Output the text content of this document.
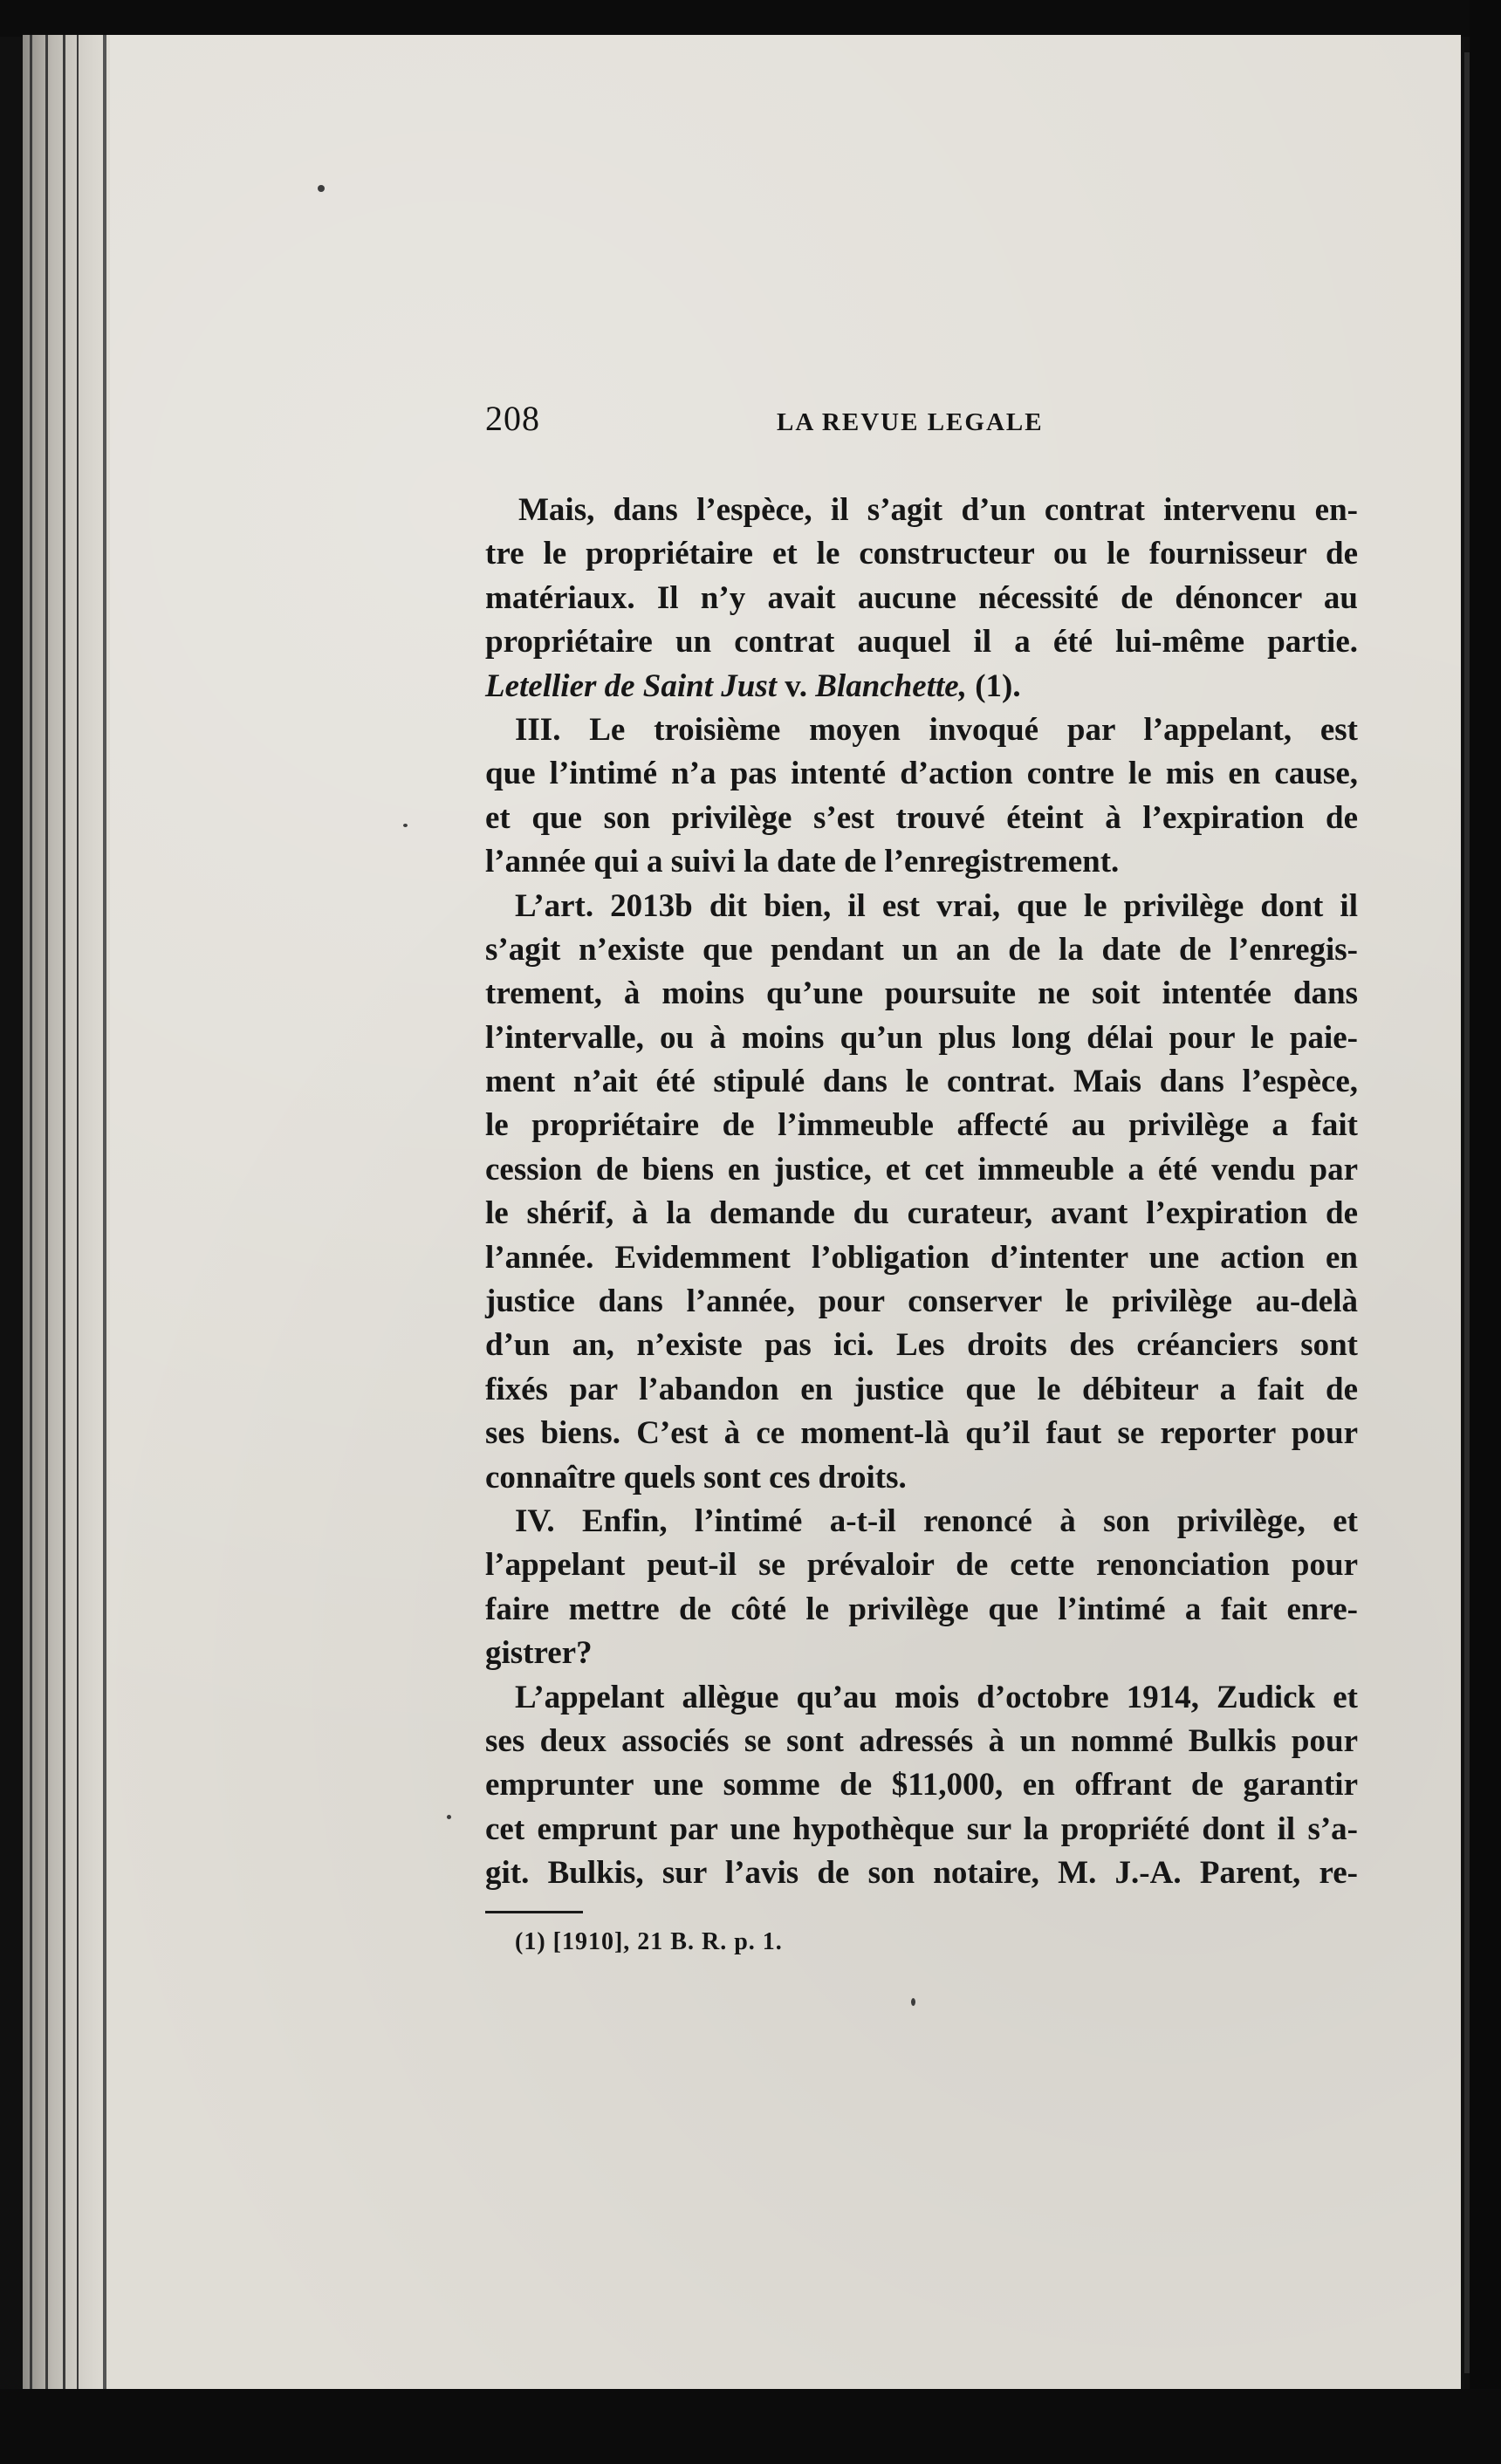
208	LA REVUE LEGALE
Mais, dans l’espèce, il s’agit d’un contrat intervenu en-
tre le propriétaire et le constructeur ou le fournisseur de
matériaux. Il n’y avait aucune nécessité de dénoncer au
propriétaire un contrat auquel il a été lui-même partie.
Letellier de Saint Just v. Blanchette, (1).
III. Le troisième moyen invoqué par l’appelant, est
que l’intimé n’a pas intenté d’action contre le mis en cause,
et que son privilège s’est trouvé éteint à l’expiration de
l’année qui a suivi la date de l’enregistrement.
L’art. 2013b dit bien, il est vrai, que le privilège dont il
s’agit n’existe que pendant un an de la date de l’enregis-
trement, à moins qu’une poursuite ne soit intentée dans
l’intervalle, ou à moins qu’un plus long délai pour le paie-
ment n’ait été stipulé dans le contrat. Mais dans l’espèce,
le propriétaire de l’immeuble affecté au privilège a fait
cession de biens en justice, et cet immeuble a été vendu par
le shérif, à la demande du curateur, avant l’expiration de
l’année. Evidemment l’obligation d’intenter une action en
justice dans l’année, pour conserver le privilège au-delà
d’un an, n’existe pas ici. Les droits des créanciers sont
fixés par l’abandon en justice que le débiteur a fait de
ses biens. C’est à ce moment-là qu’il faut se reporter pour
connaître quels sont ces droits.
IV. Enfin, l’intimé a-t-il renoncé à son privilège, et
l’appelant peut-il se prévaloir de cette renonciation pour
faire mettre de côté le privilège que l’intimé a fait enre-
gistrer?
L’appelant allègue qu’au mois d’octobre 1914, Zudick et
ses deux associés se sont adressés à un nommé Bulkis pour
emprunter une somme de $11,000, en offrant de garantir
cet emprunt par une hypothèque sur la propriété dont il s’a-
git. Bulkis, sur l’avis de son notaire, M. J.-A. Parent, re-
(1) [1910], 21 B. R. p. 1.
